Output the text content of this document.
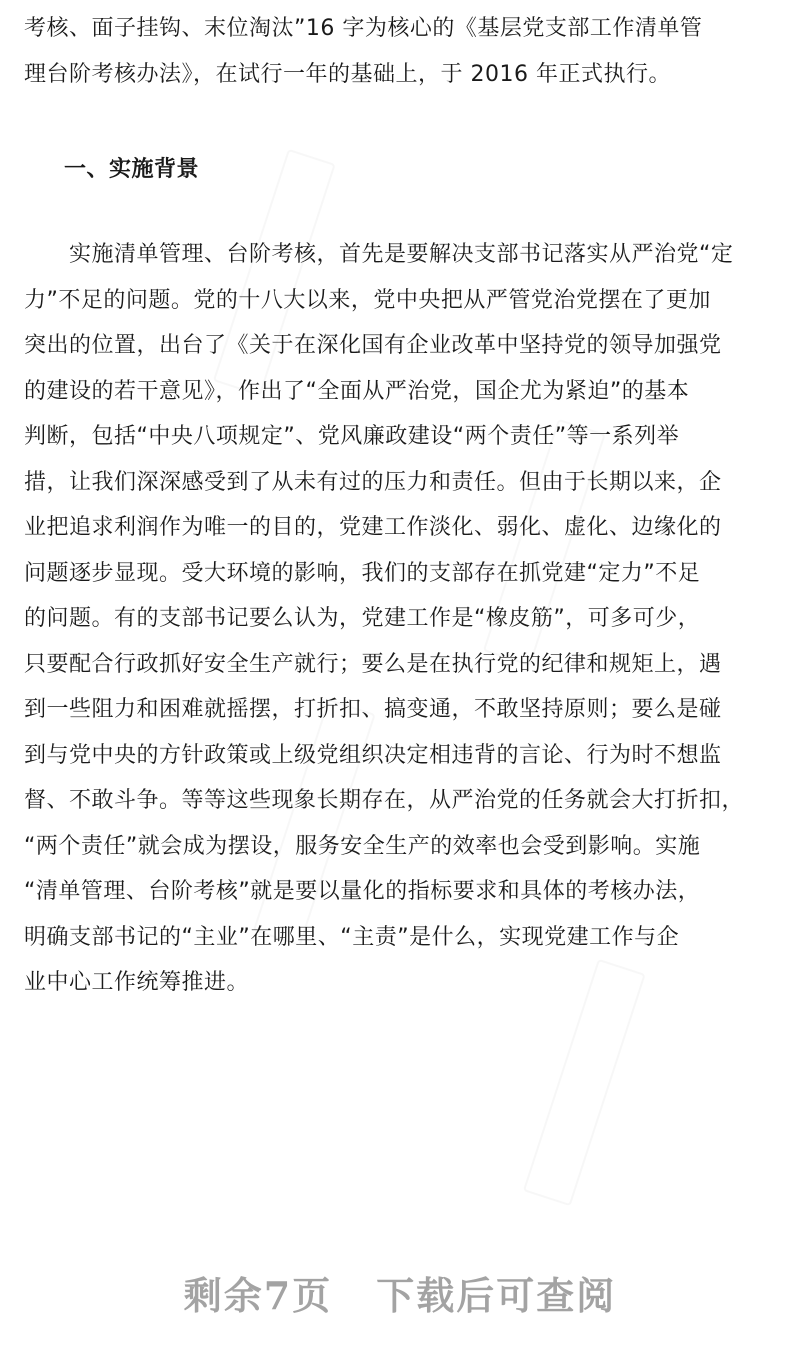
考核、面子挂钩、末位淘汰”16 字为核心的《基层党支部工作清单管
理台阶考核办法》，在试行一年的基础上，于 2016 年正式执行。
一、实施背景
　　实施清单管理、台阶考核，首先是要解决支部书记落实从严治党“定
力”不足的问题。党的十八大以来，党中央把从严管党治党摆在了更加
突出的位置，出台了《关于在深化国有企业改革中坚持党的领导加强党
的建设的若干意见》，作出了“全面从严治党，国企尤为紧迫”的基本
判断，包括“中央八项规定”、党风廉政建设“两个责任”等一系列举
措，让我们深深感受到了从未有过的压力和责任。但由于长期以来，企
业把追求利润作为唯一的目的，党建工作淡化、弱化、虚化、边缘化的
问题逐步显现。受大环境的影响，我们的支部存在抓党建“定力”不足
的问题。有的支部书记要么认为，党建工作是“橡皮筋”，可多可少，
只要配合行政抓好安全生产就行；要么是在执行党的纪律和规矩上，遇
到一些阻力和困难就摇摆，打折扣、搞变通，不敢坚持原则；要么是碰
到与党中央的方针政策或上级党组织决定相违背的言论、行为时不想监
督、不敢斗争。等等这些现象长期存在，从严治党的任务就会大打折扣，
“两个责任”就会成为摆设，服务安全生产的效率也会受到影响。实施
“清单管理、台阶考核”就是要以量化的指标要求和具体的考核办法，
明确支部书记的“主业”在哪里、“主责”是什么，实现党建工作与企
业中心工作统筹推进。
剩余7页 下载后可查阅
